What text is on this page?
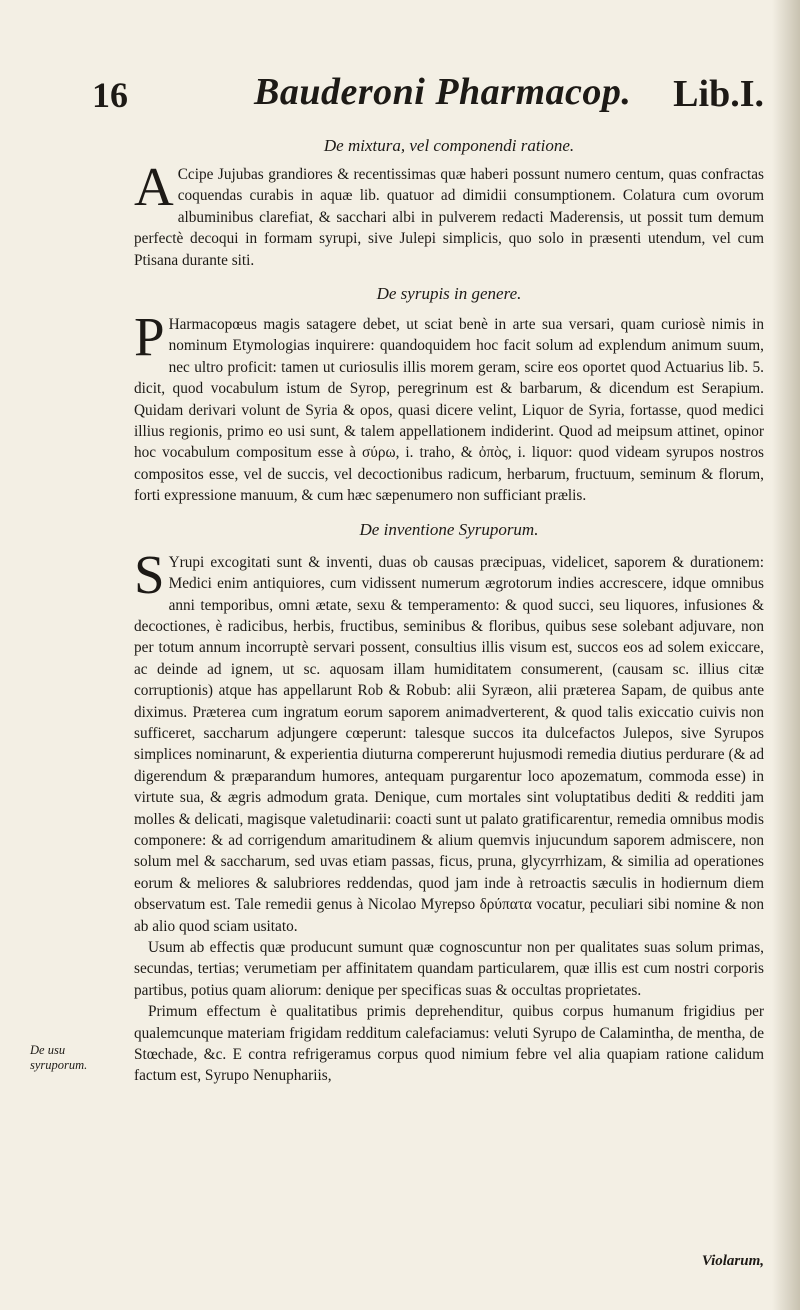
16	Bauderoni Pharmacop. Lib.I.
De mixtura, vel componendi ratione.

A Ccipe Jujubas grandiores & recentissimas quæ haberi possunt numero centum, quas confractas coquendas curabis in aquæ lib. quatuor ad dimidii consumptionem. Colatura cum ovorum albuminibus clarefiat, & sacchari albi in pulverem redacti Maderensis, ut possit tum demum perfectè decoqui in formam syrupi, sive Julepi simplicis, quo solo in præsenti utendum, vel cum Ptisana durante siti.

De syrupis in genere.

P Harmacopœus magis satagere debet, ut sciat benè in arte sua versari, quam curiosè nimis in nominum Etymologias inquirere: quandoquidem hoc facit solum ad explendum animum suum, nec ultro proficit: tamen ut curiosulis illis morem geram, scire eos oportet quod Actuarius lib. 5. dicit, quod vocabulum istum de Syrop, peregrinum est & barbarum, & dicendum est Serapium. Quidam derivari volunt de Syria & opos, quasi dicere velint, Liquor de Syria, fortasse, quod medici illius regionis, primo eo usi sunt, & talem appellationem indiderint. Quod ad meipsum attinet, opinor hoc vocabulum compositum esse à σύρω, i. traho, & ὀπὸς, i. liquor: quod videam syrupos nostros compositos esse, vel de succis, vel decoctionibus radicum, herbarum, fructuum, seminum & florum, forti expressione manuum, & cum hæc sæpenumero non sufficiant prælis.

De inventione Syruporum.

S Yrupi excogitati sunt & inventi, duas ob causas præcipuas, videlicet, saporem & durationem: Medici enim antiquiores, cum vidissent numerum ægrotorum indies accrescere, idque omnibus anni temporibus, omni ætate, sexu & temperamento: & quod succi, seu liquores, infusiones & decoctiones, è radicibus, herbis, fructibus, seminibus & floribus, quibus sese solebant adjuvare, non per totum annum incorruptè servari possent, consultius illis visum est, succos eos ad solem exiccare, ac deinde ad ignem, ut sc. aquosam illam humiditatem consumerent, (causam sc. illius citæ corruptionis) atque has appellarunt Rob & Robub: alii Syræon, alii præterea Sapam, de quibus ante diximus. Præterea cum ingratum eorum saporem animadverterent, & quod talis exiccatio cuivis non sufficeret, saccharum adjungere cœperunt: talesque succos ita dulcefactos Julepos, sive Syrupos simplices nominarunt, & experientia diuturna compererunt hujusmodi remedia diutius perdurare (& ad digerendum & præparandum humores, antequam purgarentur loco apozematum, commoda esse) in virtute sua, & ægris admodum grata. Denique, cum mortales sint voluptatibus dediti & redditi jam molles & delicati, magisque valetudinarii: coacti sunt ut palato gratificarentur, remedia omnibus modis componere: & ad corrigendum amaritudinem & alium quemvis injucundum saporem admiscere, non solum mel & saccharum, sed uvas etiam passas, ficus, pruna, glycyrrhizam, & similia ad operationes eorum & meliores & salubriores reddendas, quod jam inde à retroactis sæculis in hodiernum diem observatum est. Tale remedii genus à Nicolao Myrepso δρύπατα vocatur, peculiari sibi nomine & non ab alio quod sciam usitato.

Usum ab effectis quæ producunt sumunt quæ cognoscuntur non per qualitates suas solum primas, secundas, tertias; verumetiam per affinitatem quandam particularem, quæ illis est cum nostri corporis partibus, potius quam aliorum: denique per specificas suas & occultas proprietates.

Primum effectum è qualitatibus primis deprehenditur, quibus corpus humanum frigidius per qualemcunque materiam frigidam redditum calefaciamus: veluti Syrupo de Calamintha, de mentha, de Stœchade, &c. E contra refrigeramus corpus quod nimium febre vel alia quapiam ratione calidum factum est, Syrupo Nenuphariis,

De usu syruporum.
Violarum,
